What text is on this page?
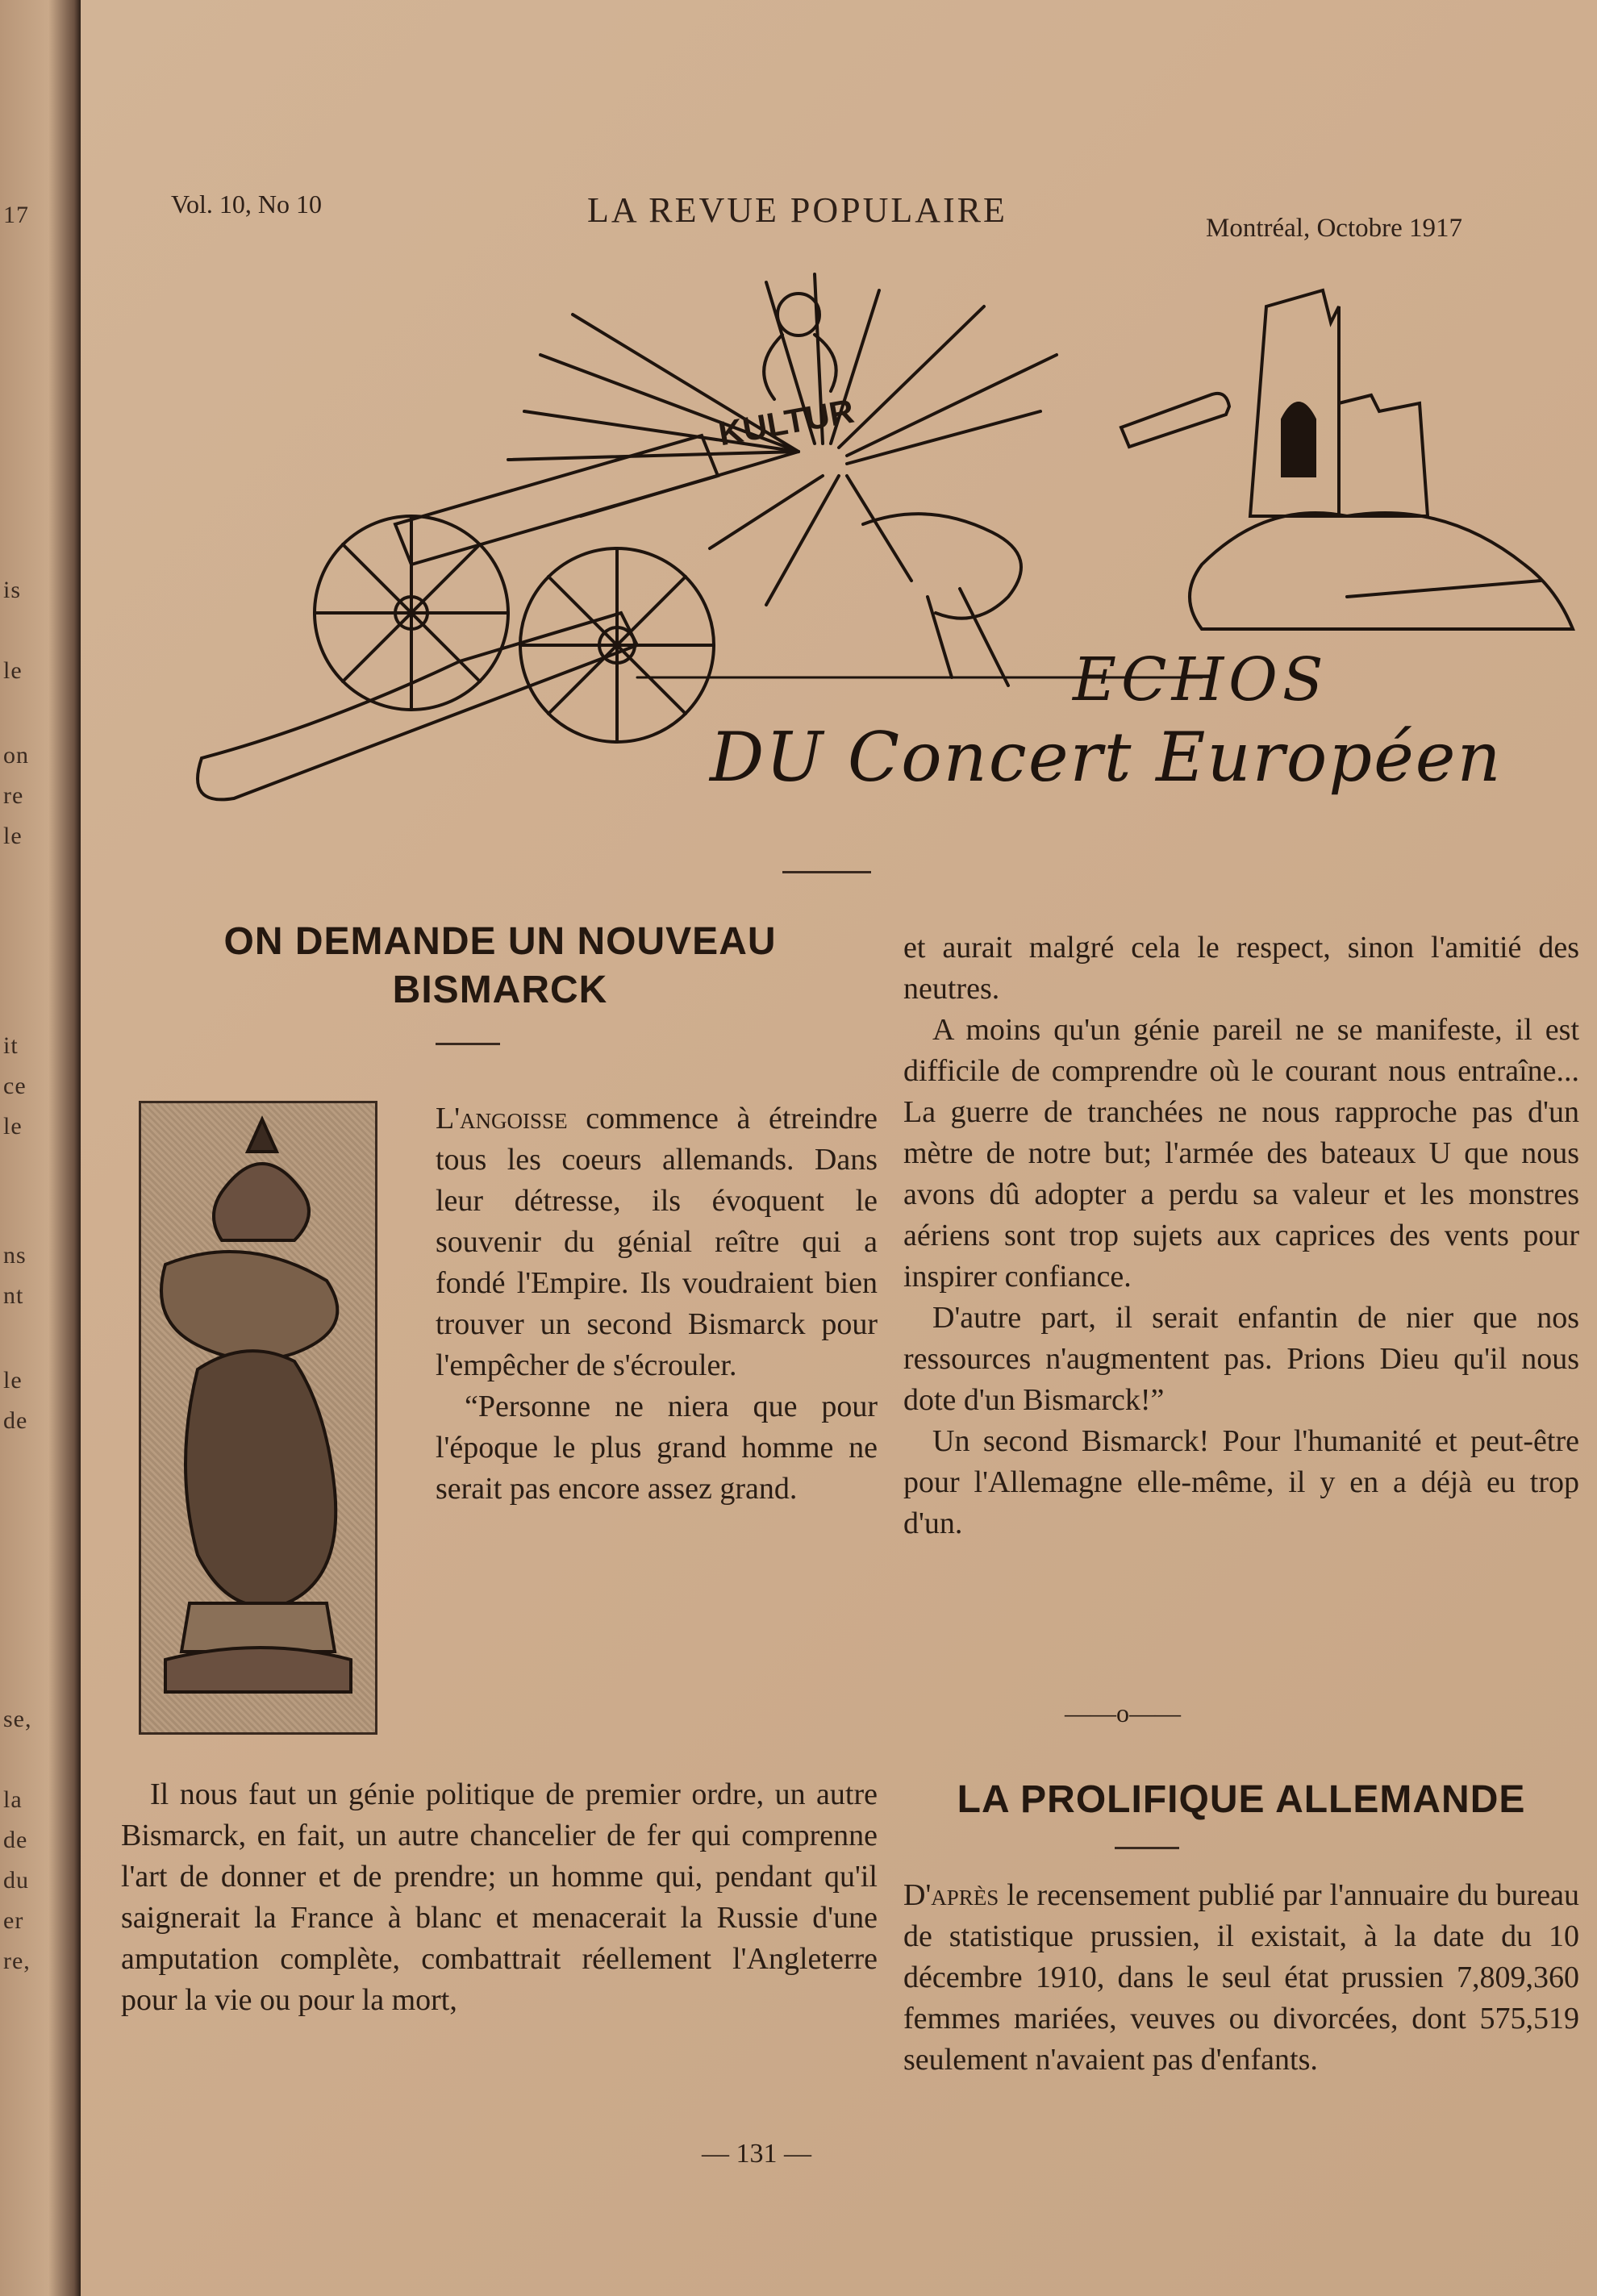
17
is
le
on
re
le
it
ce
le
ns
nt
le
de
se,
la
de
du
er
re,
Vol. 10, No 10	LA REVUE POPULAIRE	Montréal, Octobre 1917
KULTUR
ECHOS
DU Concert Européen
ON DEMANDE UN NOUVEAU
BISMARCK

L'angoisse commence à étreindre tous les coeurs allemands. Dans leur détresse, ils évoquent le souvenir du génial reître qui a fondé l'Empire. Ils voudraient bien trouver un second Bismarck pour l'empêcher de s'écrouler.

“Personne ne niera que pour l'époque le plus grand homme ne serait pas encore assez grand.

Il nous faut un génie politique de premier ordre, un autre Bismarck, en fait, un autre chancelier de fer qui comprenne l'art de donner et de prendre; un homme qui, pendant qu'il saignerait la France à blanc et menacerait la Russie d'une amputation complète, combattrait réellement l'Angleterre pour la vie ou pour la mort,

et aurait malgré cela le respect, sinon l'amitié des neutres.

A moins qu'un génie pareil ne se manifeste, il est difficile de comprendre où le courant nous entraîne... La guerre de tranchées ne nous rapproche pas d'un mètre de notre but; l'armée des bateaux U que nous avons dû adopter a perdu sa valeur et les monstres aériens sont trop sujets aux caprices des vents pour inspirer confiance.

D'autre part, il serait enfantin de nier que nos ressources n'augmentent pas. Prions Dieu qu'il nous dote d'un Bismarck!”

Un second Bismarck! Pour l'humanité et peut-être pour l'Allemagne elle-même, il y en a déjà eu trop d'un.

——o——
LA PROLIFIQUE ALLEMANDE

D'après le recensement publié par l'annuaire du bureau de statistique prussien, il existait, à la date du 10 décembre 1910, dans le seul état prussien 7,809,360 femmes mariées, veuves ou divorcées, dont 575,519 seulement n'avaient pas d'enfants.

— 131 —
